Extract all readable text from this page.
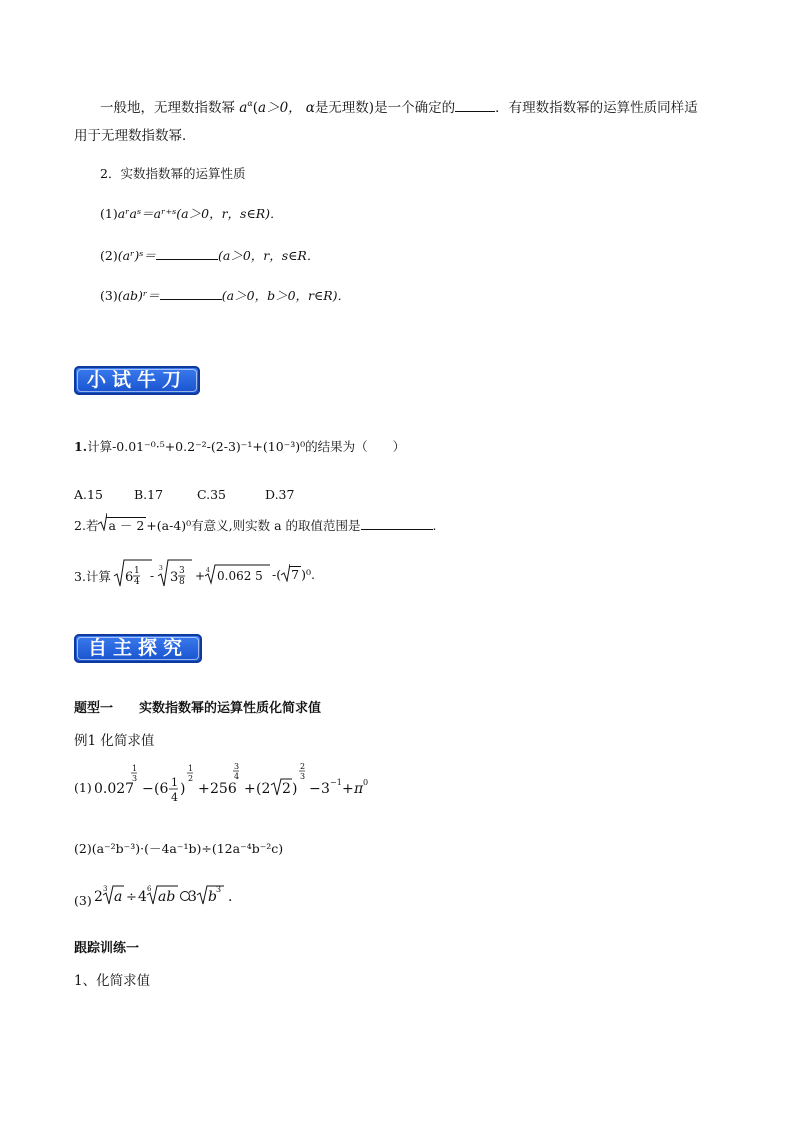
一般地，无理数指数幂 $a^\alpha(a>0$， α是无理数)是一个确定的	．有理数指数幂的运算性质同样适
用于无理数指数幂．
2．实数指数幂的运算性质
(1)aʳaˢ＝aʳ⁺ˢ(a＞0，r，s∈R)．
(2)(aʳ)ˢ＝	(a＞0，r，s∈R．
(3)(ab)ʳ＝	(a＞0，b＞0，r∈R)．
小试牛刀
1.计算-0.01⁻⁰·⁵+0.2⁻²-(2-3)⁻¹+(10⁻³)⁰的结果为（　　）
A.15 B.17	C.35	D.37
2.若 a － 2 +(a-4)⁰有意义,则实数 a 的取值范围是	.
3.计算 6 1
4 -
3
3 3
8 + 4 0.062 5 -( 7 )⁰.
自主探究
题型一　　实数指数幂的运算性质化简求值
例1 化简求值
(1) 0.027
1
3
− (6 1
4
)
1
2
+ 256
3
4
+ (2 2 )
2
3
− 3 −1 + π 0
(2)(a⁻²b⁻³)·(－4a⁻¹b)÷(12a⁻⁴b⁻²c)
(3) 2 3 a ÷ 4 6 ab 3 b 3 .
跟踪训练一
1、化简求值
